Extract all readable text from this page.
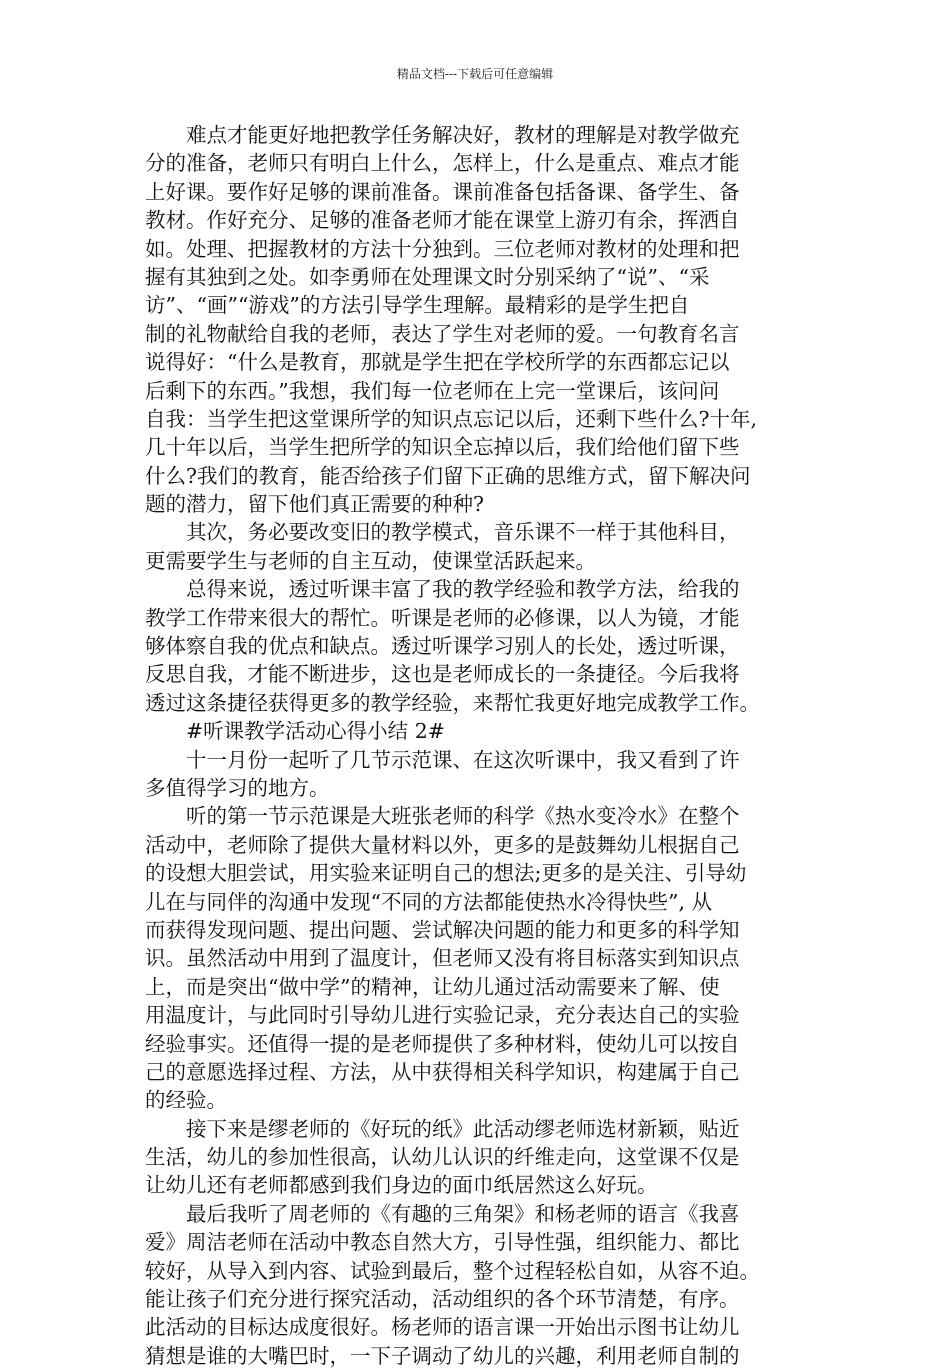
精品文档---下载后可任意编辑
　　难点才能更好地把教学任务解决好，教材的理解是对教学做充
分的准备，老师只有明白上什么，怎样上，什么是重点、难点才能
上好课。要作好足够的课前准备。课前准备包括备课、备学生、备
教材。作好充分、足够的准备老师才能在课堂上游刃有余，挥洒自
如。处理、把握教材的方法十分独到。三位老师对教材的处理和把
握有其独到之处。如李勇师在处理课文时分别采纳了“说”、“采
访”、“画”“游戏”的方法引导学生理解。最精彩的是学生把自
制的礼物献给自我的老师，表达了学生对老师的爱。一句教育名言
说得好：“什么是教育，那就是学生把在学校所学的东西都忘记以
后剩下的东西。”我想，我们每一位老师在上完一堂课后，该问问
自我：当学生把这堂课所学的知识点忘记以后，还剩下些什么?十年,
几十年以后，当学生把所学的知识全忘掉以后，我们给他们留下些
什么?我们的教育，能否给孩子们留下正确的思维方式，留下解决问
题的潜力，留下他们真正需要的种种?
　　其次，务必要改变旧的教学模式，音乐课不一样于其他科目，
更需要学生与老师的自主互动，使课堂活跃起来。
　　总得来说，透过听课丰富了我的教学经验和教学方法，给我的
教学工作带来很大的帮忙。听课是老师的必修课，以人为镜，才能
够体察自我的优点和缺点。透过听课学习别人的长处，透过听课，
反思自我，才能不断进步，这也是老师成长的一条捷径。今后我将
透过这条捷径获得更多的教学经验，来帮忙我更好地完成教学工作。
　　#听课教学活动心得小结 2#
　　十一月份一起听了几节示范课、在这次听课中，我又看到了许
多值得学习的地方。
　　听的第一节示范课是大班张老师的科学《热水变冷水》在整个
活动中，老师除了提供大量材料以外，更多的是鼓舞幼儿根据自己
的设想大胆尝试，用实验来证明自己的想法;更多的是关注、引导幼
儿在与同伴的沟通中发现“不同的方法都能使热水冷得快些”, 从
而获得发现问题、提出问题、尝试解决问题的能力和更多的科学知
识。虽然活动中用到了温度计，但老师又没有将目标落实到知识点
上，而是突出“做中学”的精神，让幼儿通过活动需要来了解、使
用温度计，与此同时引导幼儿进行实验记录，充分表达自己的实验
经验事实。还值得一提的是老师提供了多种材料，使幼儿可以按自
己的意愿选择过程、方法，从中获得相关科学知识，构建属于自己
的经验。
　　接下来是缪老师的《好玩的纸》此活动缪老师选材新颖，贴近
生活，幼儿的参加性很高，认幼儿认识的纤维走向，这堂课不仅是
让幼儿还有老师都感到我们身边的面巾纸居然这么好玩。
　　最后我听了周老师的《有趣的三角架》和杨老师的语言《我喜
爱》周洁老师在活动中教态自然大方，引导性强，组织能力、都比
较好，从导入到内容、试验到最后，整个过程轻松自如，从容不迫。
能让孩子们充分进行探究活动，活动组织的各个环节清楚，有序。
此活动的目标达成度很好。杨老师的语言课一开始出示图书让幼儿
猜想是谁的大嘴巴时，一下子调动了幼儿的兴趣，利用老师自制的
